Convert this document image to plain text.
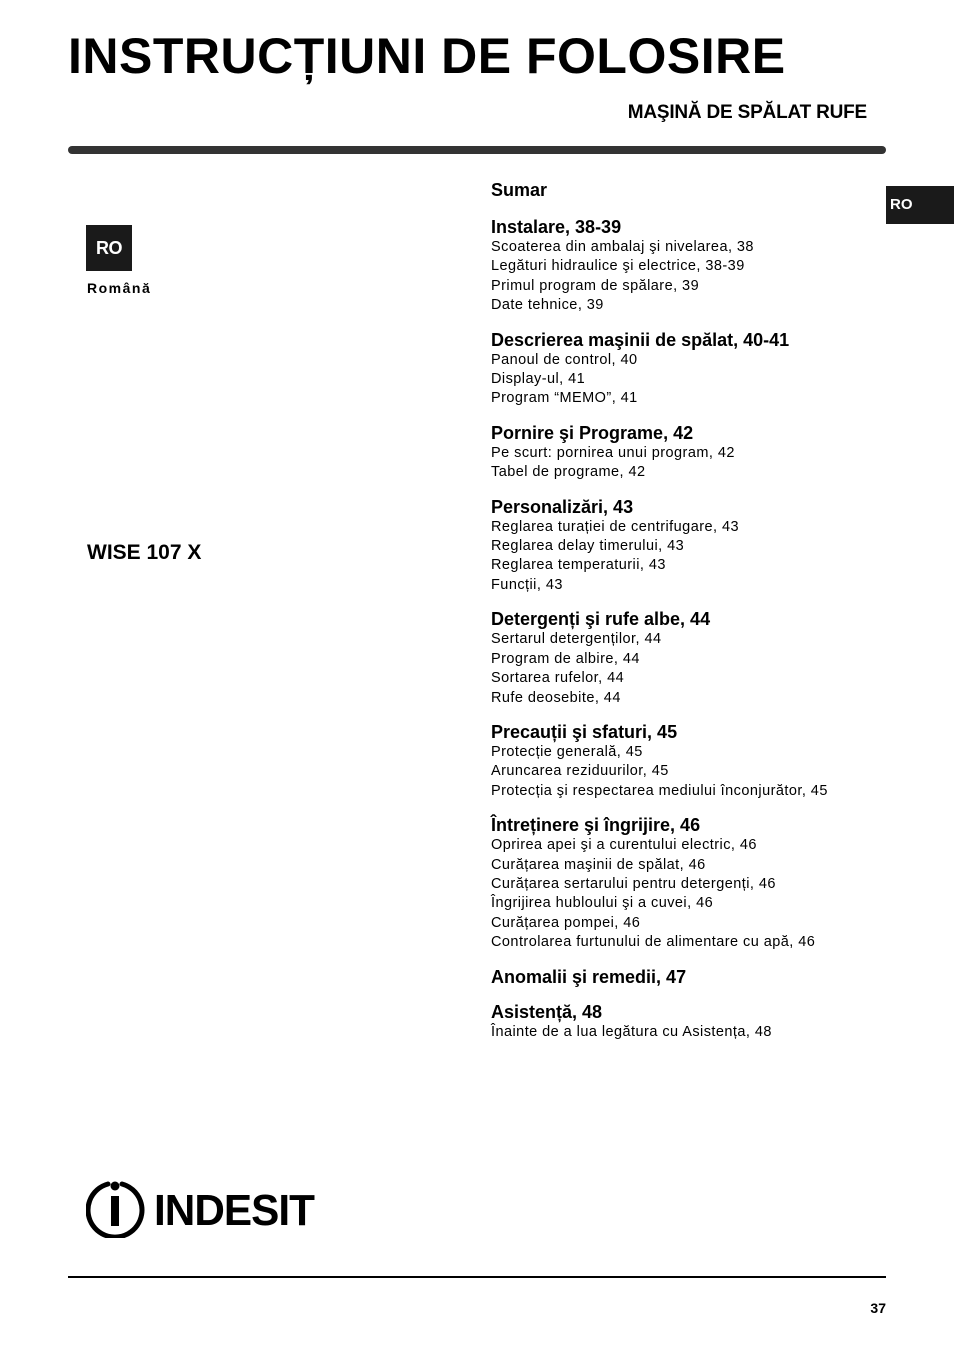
INSTRUCȚIUNI DE FOLOSIRE
MAŞINĂ DE SPĂLAT RUFE
RO
RO
Română
WISE 107 X
Sumar
Instalare, 38-39
Scoaterea din ambalaj şi nivelarea, 38
Legături hidraulice şi electrice, 38-39
Primul program de spălare, 39
Date tehnice, 39
Descrierea maşinii de spălat, 40-41
Panoul de control, 40
Display-ul, 41
Program “MEMO”, 41
Pornire şi Programe, 42
Pe scurt: pornirea unui program, 42
Tabel de programe, 42
Personalizări, 43
Reglarea turației de centrifugare, 43
Reglarea delay timerului, 43
Reglarea temperaturii, 43
Funcții, 43
Detergenți şi rufe albe, 44
Sertarul detergenților, 44
Program de albire, 44
Sortarea rufelor, 44
Rufe deosebite, 44
Precauții şi sfaturi, 45
Protecție generală, 45
Aruncarea reziduurilor, 45
Protecția şi respectarea mediului înconjurător, 45
Întreținere şi îngrijire, 46
Oprirea apei şi a curentului electric, 46
Curățarea maşinii de spălat, 46
Curățarea sertarului pentru detergenți, 46
Îngrijirea hubloului şi a cuvei, 46
Curățarea pompei, 46
Controlarea furtunului de alimentare cu apă, 46
Anomalii şi remedii, 47
Asistență, 48
Înainte de a lua legătura cu Asistența, 48
INDESIT
37
